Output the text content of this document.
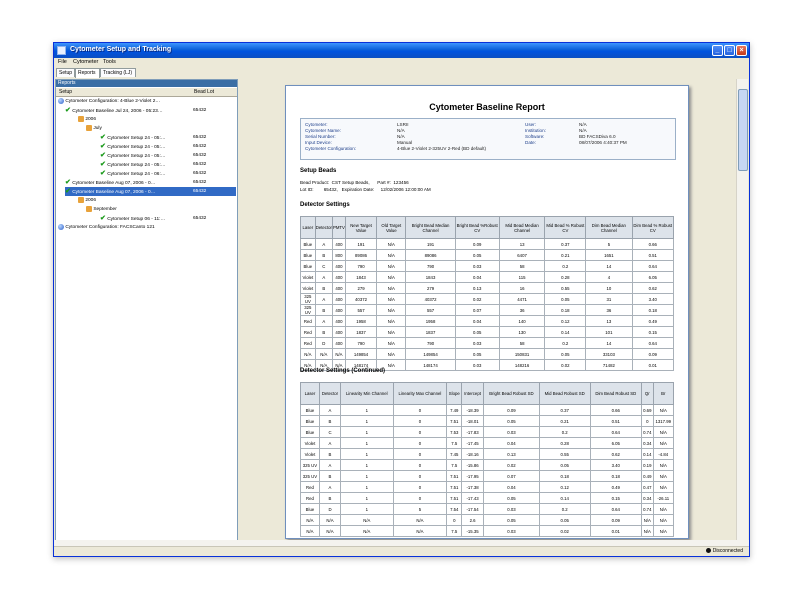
Cytometer Setup and Tracking	_	□	×
File Cytometer Tools
Setup	Reports	Tracking (LJ)
Reports
Setup	Bead Lot
Cytometer Configuration: 4-Blue 2-Violet 2…
✔ Cytometer Baseline Jul 24, 2006 - 05:23…	65432
2006
July
✔ Cytometer Setup 24 - 05:…	65432
✔ Cytometer Setup 24 - 05:…	65432
✔ Cytometer Setup 24 - 05:…	65432
✔ Cytometer Setup 24 - 05:…	65432
✔ Cytometer Setup 24 - 06:…	65432
✔ Cytometer Baseline Aug 07, 2006 - 0…	65432
✔ Cytometer Baseline Aug 07, 2006 - 0…	65432
2006
September
✔ Cytometer Setup 06 - 11:…	65432
Cytometer Configuration: FACSCanto 121
Cytometer Baseline Report
Cytometer:	LSRII
Cytometer Name:	N/A
Serial Number:	N/A
Input Device:	Manual
Cytometer Configuration:	4-Blue 2-Violet 2-325UV 2-Red (BD default)
User:	N/A
Institution:	N/A
Software:	BD FACSDiva 6.0
Date:	08/07/2006 4:40:37 PM
Setup Beads
Bead Product:  CST Setup Beads,      Part #:  123456
Lot ID:        65432,   Expiration Date:     12/02/2006 12:00:00 AM
Detector Settings
Laser	Detector	PMTV	New Target Value	Old Target Value	Bright Bead Median Channel	Bright Bead %Robust CV	Mid Bead Median Channel	Mid Bead % Robust CV	Dim Bead Median Channel	Dim Bead % Robust CV
Blue	A	400	191	N/A	191	0.09	13	0.37	5	0.66
Blue	B	800	89086	N/A	89086	0.05	6407	0.21	1651	0.51
Blue	C	400	790	N/A	790	0.03	58	0.2	14	0.64
Violet	A	400	1843	N/A	1843	0.04	115	0.28	4	6.05
Violet	B	400	279	N/A	279	0.13	16	0.55	10	0.62
325 UV	A	400	40372	N/A	40372	0.02	4471	0.05	31	3.40
325 UV	B	400	557	N/A	557	0.07	36	0.18	36	0.18
Red	A	400	1958	N/A	1958	0.04	140	0.12	13	0.49
Red	B	400	1837	N/A	1837	0.05	130	0.14	101	0.15
Red	D	400	790	N/A	790	0.03	58	0.2	14	0.64
N/A	N/A	N/A	149854	N/A	149854	0.05	150831	0.05	33103	0.09
N/A	N/A	N/A	148174	N/A	148174	0.03	148216	0.02	71482	0.01
Detector Settings (Continued)
Laser	Detector	Linearity Min Channel	Linearity Max Channel	Slope	Intercept	Bright Bead Robust SD	Mid Bead Robust SD	Dim Bead Robust SD	Qr	Br
Blue	A	1	0	7.49	-18.39	0.09	0.37	0.66	0.69	N/A
Blue	B	1	0	7.51	-18.01	0.05	0.21	0.51	0	1317.99
Blue	C	1	0	7.53	-17.83	0.03	0.2	0.64	0.74	N/A
Violet	A	1	0	7.5	-17.45	0.04	0.28	6.05	0.34	N/A
Violet	B	1	0	7.45	-18.16	0.13	0.55	0.62	0.14	-4.84
325 UV	A	1	0	7.5	-15.86	0.02	0.05	3.40	0.19	N/A
325 UV	B	1	0	7.51	-17.95	0.07	0.18	0.18	0.49	N/A
Red	A	1	0	7.51	-17.38	0.04	0.12	0.49	0.47	N/A
Red	B	1	0	7.51	-17.43	0.05	0.14	0.15	0.34	-26.11
Blue	D	1	5	7.54	-17.54	0.03	0.2	0.64	0.74	N/A
N/A	N/A	N/A	N/A	0	2.6	0.05	0.05	0.09	N/A	N/A
N/A	N/A	N/A	N/A	7.5	-15.35	0.03	0.02	0.01	N/A	N/A
Disconnected
